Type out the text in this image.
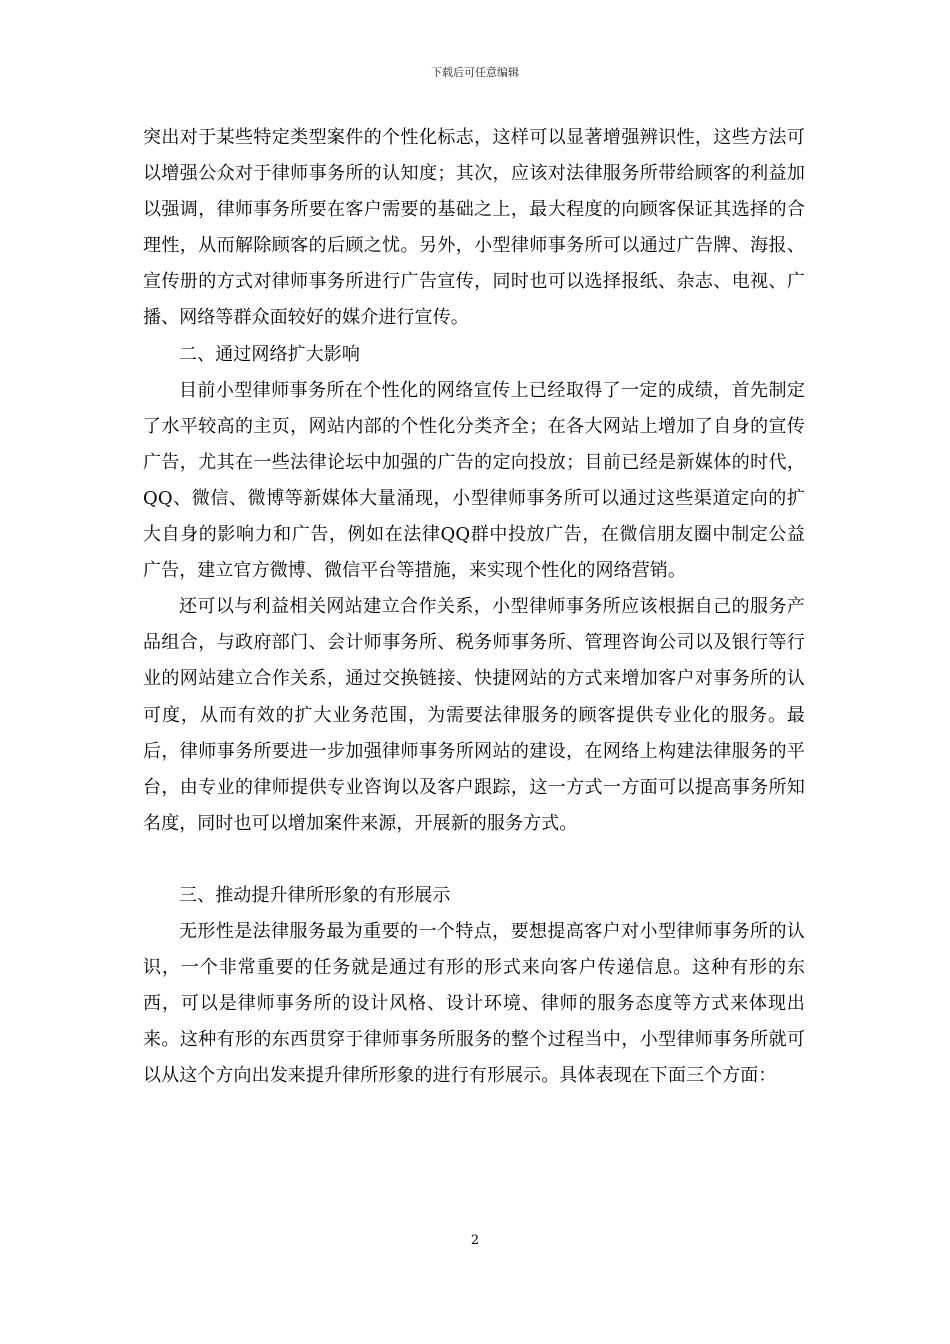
下载后可任意编辑

突出对于某些特定类型案件的个性化标志，这样可以显著增强辨识性，这些方法可以增强公众对于律师事务所的认知度；其次，应该对法律服务所带给顾客的利益加以强调，律师事务所要在客户需要的基础之上，最大程度的向顾客保证其选择的合理性，从而解除顾客的后顾之忧。另外，小型律师事务所可以通过广告牌、海报、宣传册的方式对律师事务所进行广告宣传，同时也可以选择报纸、杂志、电视、广播、网络等群众面较好的媒介进行宣传。

二、通过网络扩大影响

目前小型律师事务所在个性化的网络宣传上已经取得了一定的成绩，首先制定了水平较高的主页，网站内部的个性化分类齐全；在各大网站上增加了自身的宣传广告，尤其在一些法律论坛中加强的广告的定向投放；目前已经是新媒体的时代，QQ、微信、微博等新媒体大量涌现，小型律师事务所可以通过这些渠道定向的扩大自身的影响力和广告，例如在法律QQ群中投放广告，在微信朋友圈中制定公益广告，建立官方微博、微信平台等措施，来实现个性化的网络营销。

还可以与利益相关网站建立合作关系，小型律师事务所应该根据自己的服务产品组合，与政府部门、会计师事务所、税务师事务所、管理咨询公司以及银行等行业的网站建立合作关系，通过交换链接、快捷网站的方式来增加客户对事务所的认可度，从而有效的扩大业务范围，为需要法律服务的顾客提供专业化的服务。最后，律师事务所要进一步加强律师事务所网站的建设，在网络上构建法律服务的平台，由专业的律师提供专业咨询以及客户跟踪，这一方式一方面可以提高事务所知名度，同时也可以增加案件来源，开展新的服务方式。

三、推动提升律所形象的有形展示

无形性是法律服务最为重要的一个特点，要想提高客户对小型律师事务所的认识，一个非常重要的任务就是通过有形的形式来向客户传递信息。这种有形的东西，可以是律师事务所的设计风格、设计环境、律师的服务态度等方式来体现出来。这种有形的东西贯穿于律师事务所服务的整个过程当中，小型律师事务所就可以从这个方向出发来提升律所形象的进行有形展示。具体表现在下面三个方面：

2
